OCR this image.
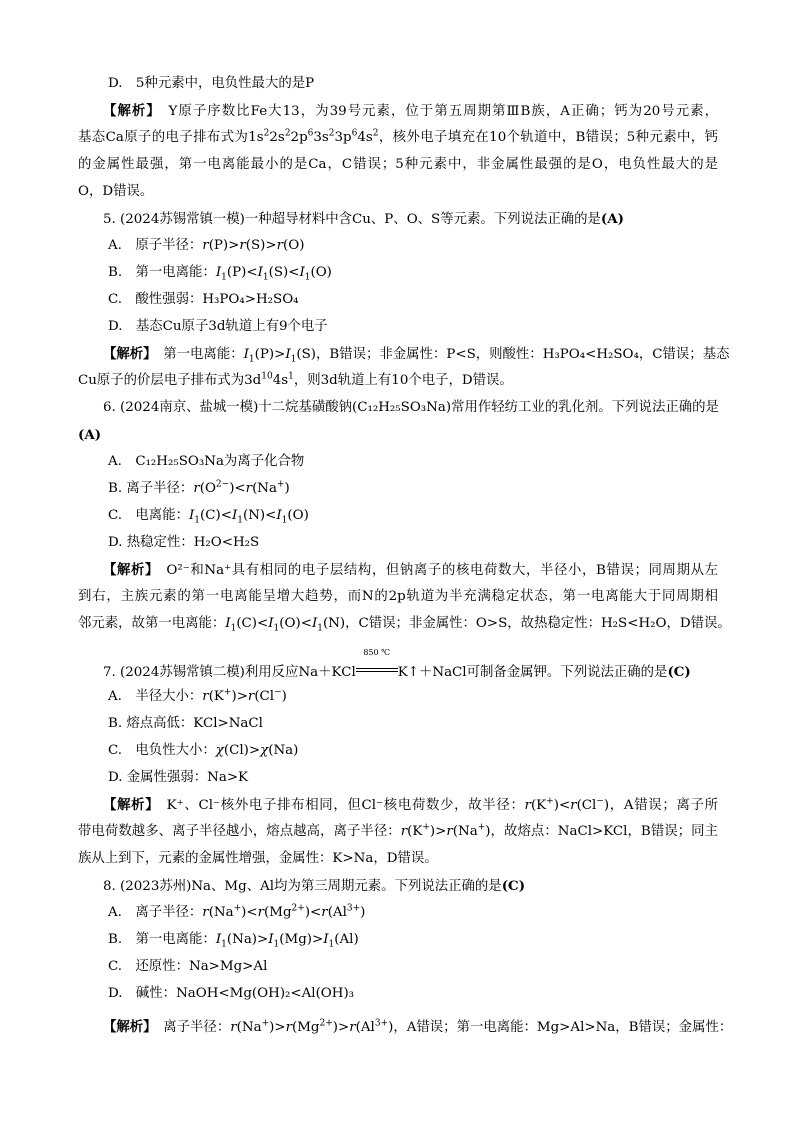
D.　5种元素中，电负性最大的是P
【解析】　 Y原子序数比Fe大13，为39号元素，位于第五周期第ⅢB族，A正确；钙为20号元素，
基态Ca原子的电子排布式为$1s^22s^22p^63s^23p^64s^2$，核外电子填充在10个轨道中，B错误；5种元素中，钙
的金属性最强，第一电离能最小的是Ca，C错误；5种元素中，非金属性最强的是O，电负性最大的是
O，D错误。
5. (2024苏锡常镇一模)一种超导材料中含Cu、P、O、S等元素。下列说法正确的是(A)
A.　原子半径：r(P)>r(S)>r(O)
B.　第一电离能：$I_1(P)<I_1(S)<I_1(O)$
C.　酸性强弱：H₃PO₄>H₂SO₄
D.　基态Cu原子3d轨道上有9个电子
【解析】　 第一电离能：$I_1(P)>I_1(S)$，B错误；非金属性：P<S，则酸性：H₃PO₄<H₂SO₄，C错误；基态
Cu原子的价层电子排布式为$3d^{10}4s^1$，则3d轨道上有10个电子，D错误。
6. (2024南京、盐城一模)十二烷基磺酸钠(C₁₂H₂₅SO₃Na)常用作轻纺工业的乳化剂。下列说法正确的是
(A)
A.　C₁₂H₂₅SO₃Na为离子化合物
B. 离子半径：$r(O^{2-})<r(Na^+)$
C.　电离能：$I_1(C)<I_1(N)<I_1(O)$
D. 热稳定性：H₂O<H₂S
【解析】　 O²⁻和Na⁺具有相同的电子层结构，但钠离子的核电荷数大，半径小，B错误；同周期从左
到右，主族元素的第一电离能呈增大趋势，而N的2p轨道为半充满稳定状态，第一电离能大于同周期相
邻元素，故第一电离能：$I_1(C)<I_1(O)<I_1(N)$，C错误；非金属性：O>S，故热稳定性：H₂S<H₂O，D错误。
7. (2024苏锡常镇二模)利用反应Na＋KCl
850 ℃
K↑＋NaCl可制备金属钾。下列说法正确的是(C)
A.　半径大小：r(K+)>r(Cl−)
B. 熔点高低：KCl>NaCl
C.　电负性大小：χ(Cl)>χ(Na)
D. 金属性强弱：Na>K
【解析】　 K⁺、Cl⁻核外电子排布相同，但Cl⁻核电荷数少，故半径：r(K+)<r(Cl−)，A错误；离子所
带电荷数越多、离子半径越小，熔点越高，离子半径：r(K+)>r(Na+)，故熔点：NaCl>KCl，B错误；同主
族从上到下，元素的金属性增强，金属性：K>Na，D错误。
8. (2023苏州)Na、Mg、Al均为第三周期元素。下列说法正确的是(C)
A.　离子半径：$r(Na^+)<r(Mg^{2+})<r(Al^{3+})$
B.　第一电离能：$I_1(Na)>I_1(Mg)>I_1(Al)$
C.　还原性：Na>Mg>Al
D.　碱性：NaOH<Mg(OH)₂<Al(OH)₃
【解析】　 离子半径：$r(Na^+)>r(Mg^{2+})>r(Al^{3+})$，A错误；第一电离能：Mg>Al>Na，B错误；金属性：
